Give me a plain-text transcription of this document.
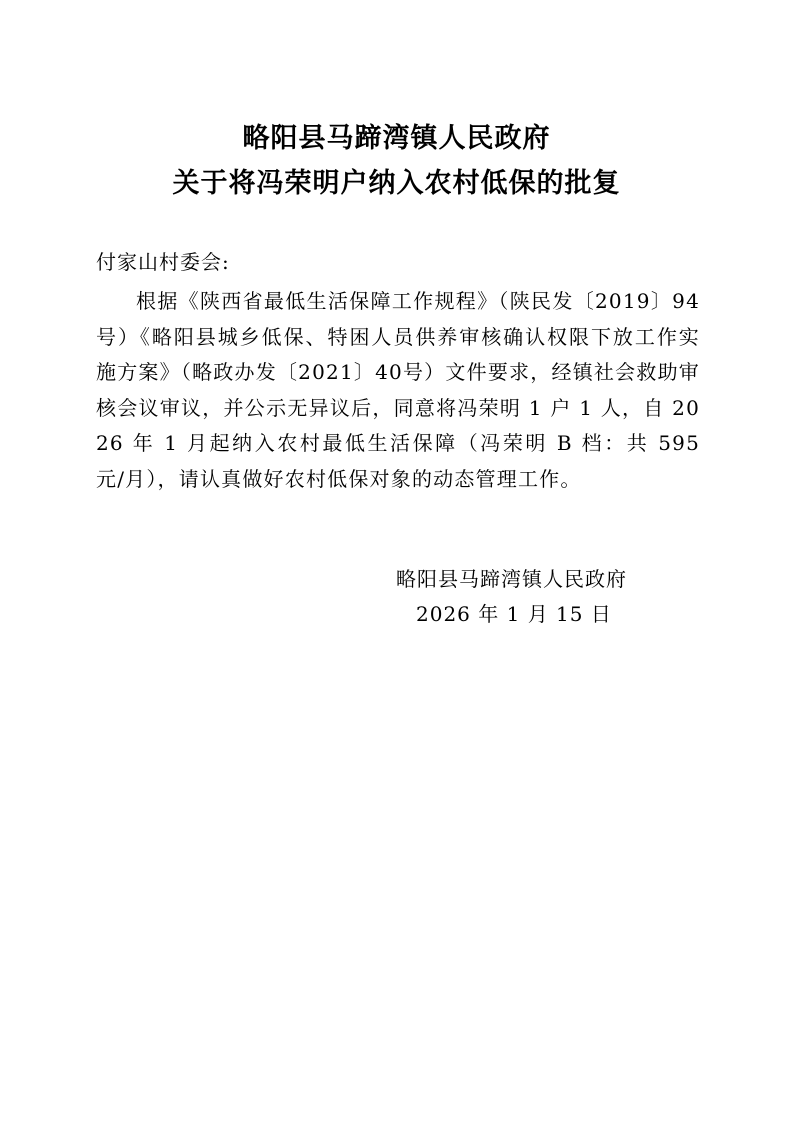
略阳县马蹄湾镇人民政府
关于将冯荣明户纳入农村低保的批复
付家山村委会:
根据《陕西省最低生活保障工作规程》（陕民发〔2019〕94号）《略阳县城乡低保、特困人员供养审核确认权限下放工作实施方案》（略政办发〔2021〕40号）文件要求，经镇社会救助审核会议审议，并公示无异议后，同意将冯荣明 1 户 1 人，自 2026 年 1 月起纳入农村最低生活保障（冯荣明 B 档：共 595 元/月），请认真做好农村低保对象的动态管理工作。
略阳县马蹄湾镇人民政府
2026 年 1 月 15 日
